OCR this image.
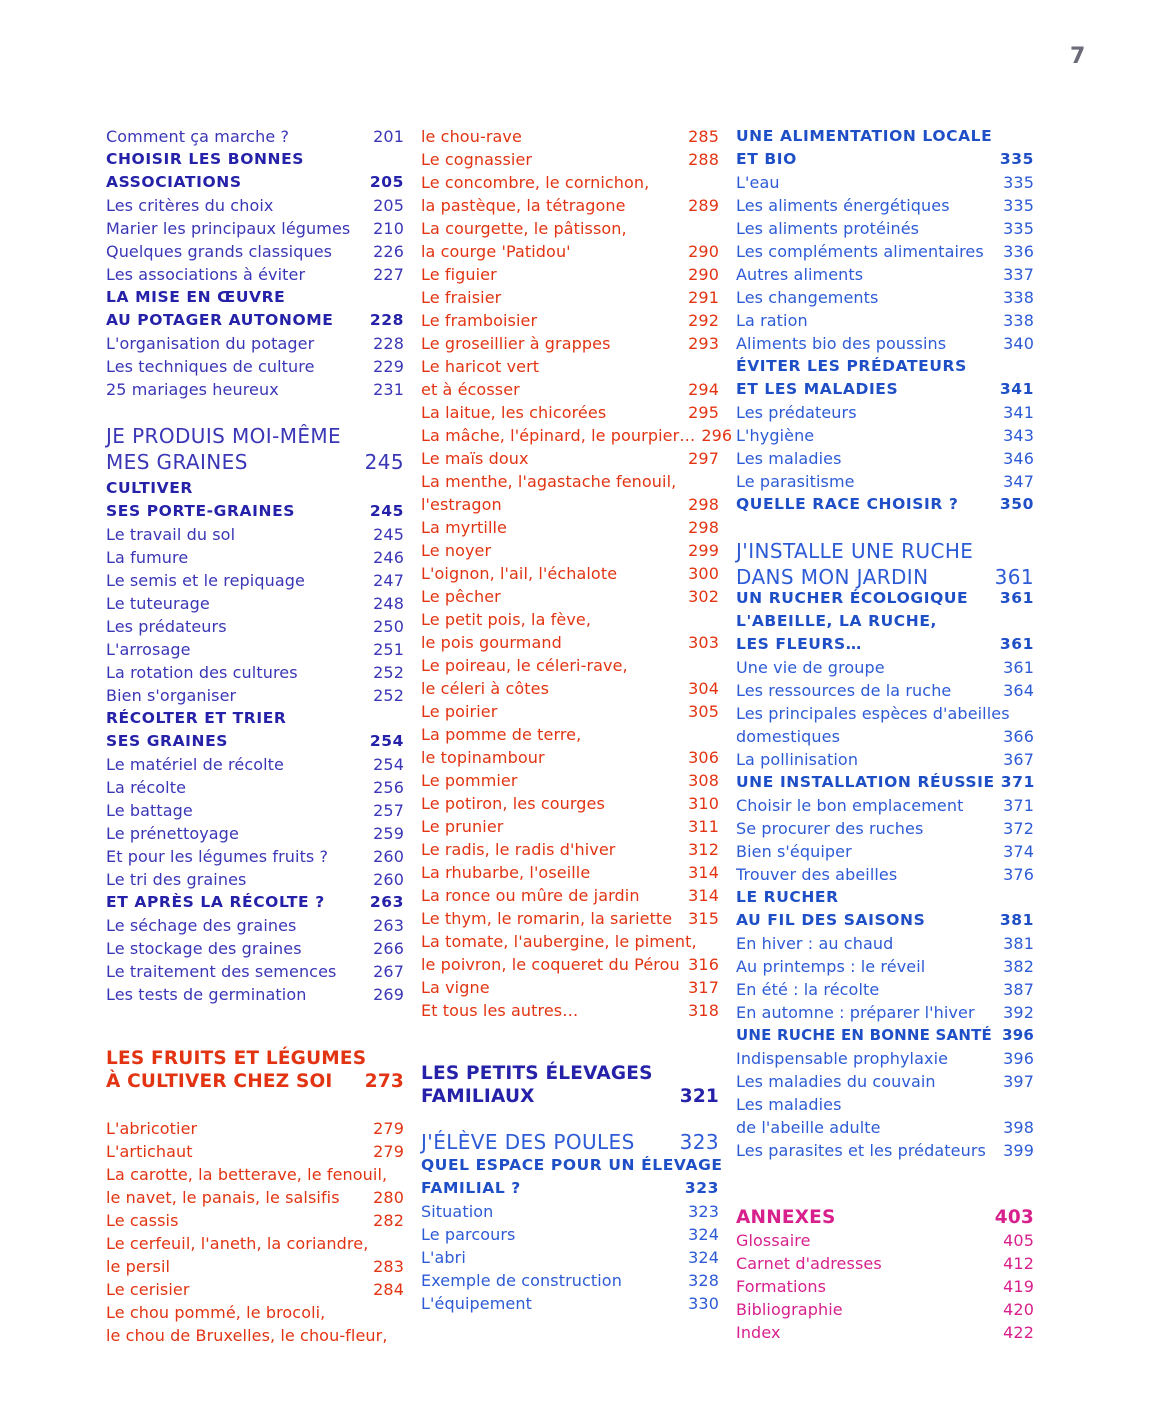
7
Comment ça marche ?	201
CHOISIR LES BONNES
ASSOCIATIONS	205
Les critères du choix	205
Marier les principaux légumes	210
Quelques grands classiques	226
Les associations à éviter	227
LA MISE EN ŒUVRE
AU POTAGER AUTONOME	228
L'organisation du potager	228
Les techniques de culture	229
25 mariages heureux	231
JE PRODUIS MOI-MÊME
MES GRAINES	245
CULTIVER
SES PORTE-GRAINES	245
Le travail du sol	245
La fumure	246
Le semis et le repiquage	247
Le tuteurage	248
Les prédateurs	250
L'arrosage	251
La rotation des cultures	252
Bien s'organiser	252
RÉCOLTER ET TRIER
SES GRAINES	254
Le matériel de récolte	254
La récolte	256
Le battage	257
Le prénettoyage	259
Et pour les légumes fruits ?	260
Le tri des graines	260
ET APRÈS LA RÉCOLTE ?	263
Le séchage des graines	263
Le stockage des graines	266
Le traitement des semences	267
Les tests de germination	269
LES FRUITS ET LÉGUMES
À CULTIVER CHEZ SOI	273
L'abricotier	279
L'artichaut	279
La carotte, la betterave, le fenouil,
le navet, le panais, le salsifis	280
Le cassis	282
Le cerfeuil, l'aneth, la coriandre,
le persil	283
Le cerisier	284
Le chou pommé, le brocoli,
le chou de Bruxelles, le chou-fleur,
le chou-rave	285
Le cognassier	288
Le concombre, le cornichon,
la pastèque, la tétragone	289
La courgette, le pâtisson,
la courge 'Patidou'	290
Le figuier	290
Le fraisier	291
Le framboisier	292
Le groseillier à grappes	293
Le haricot vert
et à écosser	294
La laitue, les chicorées	295
La mâche, l'épinard, le pourpier… 296
Le maïs doux	297
La menthe, l'agastache fenouil,
l'estragon	298
La myrtille	298
Le noyer	299
L'oignon, l'ail, l'échalote	300
Le pêcher	302
Le petit pois, la fève,
le pois gourmand	303
Le poireau, le céleri-rave,
le céleri à côtes	304
Le poirier	305
La pomme de terre,
le topinambour	306
Le pommier	308
Le potiron, les courges	310
Le prunier	311
Le radis, le radis d'hiver	312
La rhubarbe, l'oseille	314
La ronce ou mûre de jardin	314
Le thym, le romarin, la sariette 315
La tomate, l'aubergine, le piment,
le poivron, le coqueret du Pérou 316
La vigne	317
Et tous les autres…	318
LES PETITS ÉLEVAGES
FAMILIAUX	321
J'ÉLÈVE DES POULES	323
QUEL ESPACE POUR UN ÉLEVAGE
FAMILIAL ?	323
Situation	323
Le parcours	324
L'abri	324
Exemple de construction	328
L'équipement	330
UNE ALIMENTATION LOCALE
ET BIO	335
L'eau	335
Les aliments énergétiques	335
Les aliments protéinés	335
Les compléments alimentaires	336
Autres aliments	337
Les changements	338
La ration	338
Aliments bio des poussins	340
ÉVITER LES PRÉDATEURS
ET LES MALADIES	341
Les prédateurs	341
L'hygiène	343
Les maladies	346
Le parasitisme	347
QUELLE RACE CHOISIR ?	350
J'INSTALLE UNE RUCHE
DANS MON JARDIN	361
UN RUCHER ÉCOLOGIQUE	361
L'ABEILLE, LA RUCHE,
LES FLEURS…	361
Une vie de groupe	361
Les ressources de la ruche	364
Les principales espèces d'abeilles
domestiques	366
La pollinisation	367
UNE INSTALLATION RÉUSSIE 371
Choisir le bon emplacement	371
Se procurer des ruches	372
Bien s'équiper	374
Trouver des abeilles	376
LE RUCHER
AU FIL DES SAISONS	381
En hiver : au chaud	381
Au printemps : le réveil	382
En été : la récolte	387
En automne : préparer l'hiver	392
UNE RUCHE EN BONNE SANTÉ 396
Indispensable prophylaxie	396
Les maladies du couvain	397
Les maladies
de l'abeille adulte	398
Les parasites et les prédateurs	399
ANNEXES	403
Glossaire	405
Carnet d'adresses	412
Formations	419
Bibliographie	420
Index	422
